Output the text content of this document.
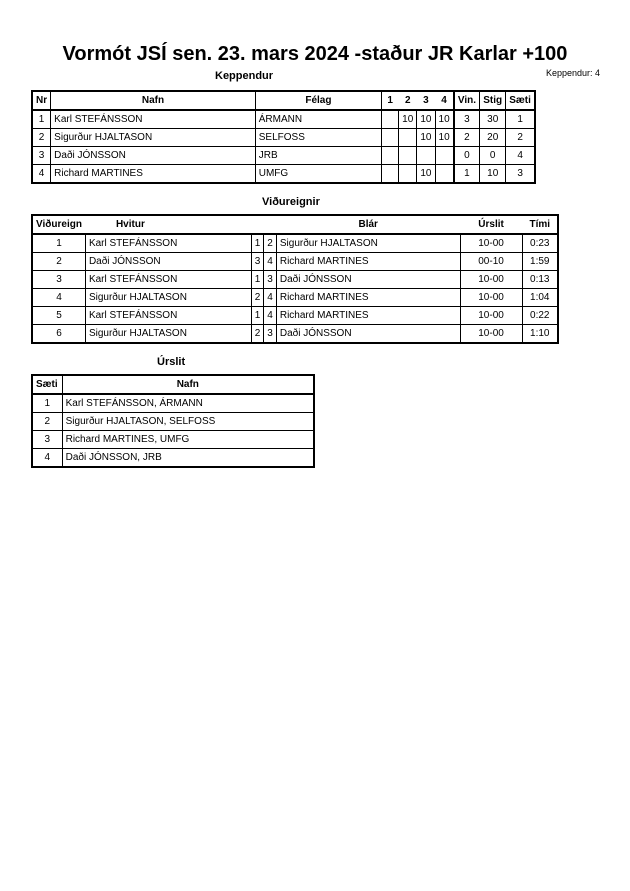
Vormót JSÍ sen. 23. mars 2024 -staður JR Karlar +100
Keppendur: 4
Keppendur
Nr	Nafn	Félag	1	2	3	4	Vin.	Stig	Sæti
1	Karl STEFÁNSSON	ÁRMANN		10	10	10	3	30	1
2	Sigurður HJALTASON	SELFOSS			10	10	2	20	2
3	Daði JÓNSSON	JRB					0	0	4
4	Richard MARTINES	UMFG			10		1	10	3
Viðureignir
Viðureign	Hvitur			Blár	Úrslit	Tími
1	Karl STEFÁNSSON	1	2	Sigurður HJALTASON	10-00	0:23
2	Daði JÓNSSON	3	4	Richard MARTINES	00-10	1:59
3	Karl STEFÁNSSON	1	3	Daði JÓNSSON	10-00	0:13
4	Sigurður HJALTASON	2	4	Richard MARTINES	10-00	1:04
5	Karl STEFÁNSSON	1	4	Richard MARTINES	10-00	0:22
6	Sigurður HJALTASON	2	3	Daði JÓNSSON	10-00	1:10
Úrslit
Sæti	Nafn
1	Karl STEFÁNSSON, ÁRMANN
2	Sigurður HJALTASON, SELFOSS
3	Richard MARTINES, UMFG
4	Daði JÓNSSON, JRB
